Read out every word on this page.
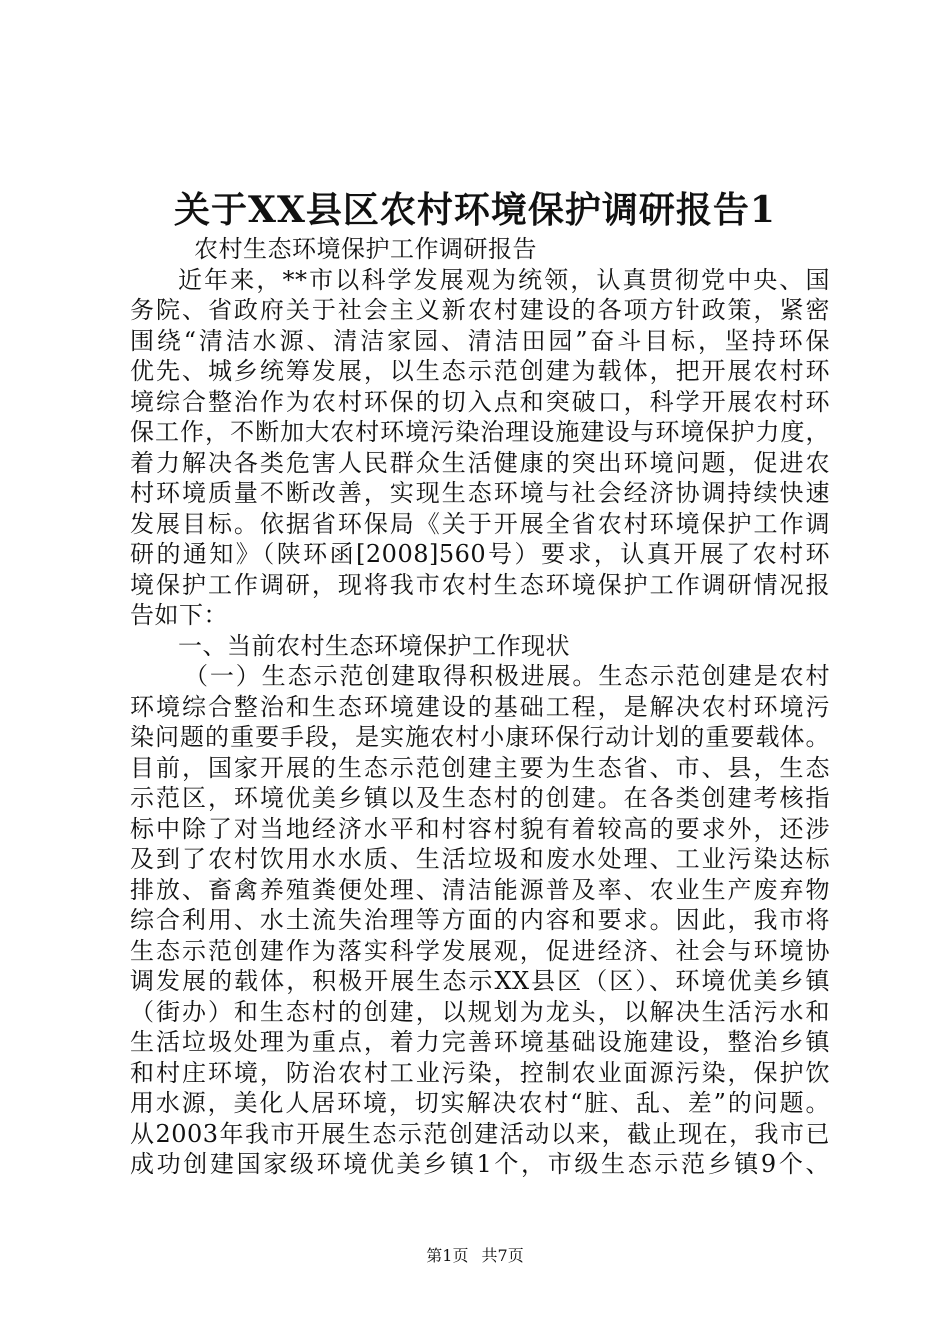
关于XX县区农村环境保护调研报告1
农村生态环境保护工作调研报告
近年来，**市以科学发展观为统领，认真贯彻党中央、国
务院、省政府关于社会主义新农村建设的各项方针政策，紧密
围绕“清洁水源、清洁家园、清洁田园”奋斗目标，坚持环保
优先、城乡统筹发展，以生态示范创建为载体，把开展农村环
境综合整治作为农村环保的切入点和突破口，科学开展农村环
保工作，不断加大农村环境污染治理设施建设与环境保护力度，
着力解决各类危害人民群众生活健康的突出环境问题，促进农
村环境质量不断改善，实现生态环境与社会经济协调持续快速
发展目标。依据省环保局《关于开展全省农村环境保护工作调
研的通知》（陕环函[2008]560号）要求，认真开展了农村环
境保护工作调研，现将我市农村生态环境保护工作调研情况报
告如下：
一、当前农村生态环境保护工作现状
（一）生态示范创建取得积极进展。生态示范创建是农村
环境综合整治和生态环境建设的基础工程，是解决农村环境污
染问题的重要手段，是实施农村小康环保行动计划的重要载体。
目前，国家开展的生态示范创建主要为生态省、市、县，生态
示范区，环境优美乡镇以及生态村的创建。在各类创建考核指
标中除了对当地经济水平和村容村貌有着较高的要求外，还涉
及到了农村饮用水水质、生活垃圾和废水处理、工业污染达标
排放、畜禽养殖粪便处理、清洁能源普及率、农业生产废弃物
综合利用、水土流失治理等方面的内容和要求。因此，我市将
生态示范创建作为落实科学发展观，促进经济、社会与环境协
调发展的载体，积极开展生态示XX县区（区）、环境优美乡镇
（街办）和生态村的创建，以规划为龙头，以解决生活污水和
生活垃圾处理为重点，着力完善环境基础设施建设，整治乡镇
和村庄环境，防治农村工业污染，控制农业面源污染，保护饮
用水源，美化人居环境，切实解决农村“脏、乱、差”的问题。
从2003年我市开展生态示范创建活动以来，截止现在，我市已
成功创建国家级环境优美乡镇1个，市级生态示范乡镇9个、
第1页 共7页
